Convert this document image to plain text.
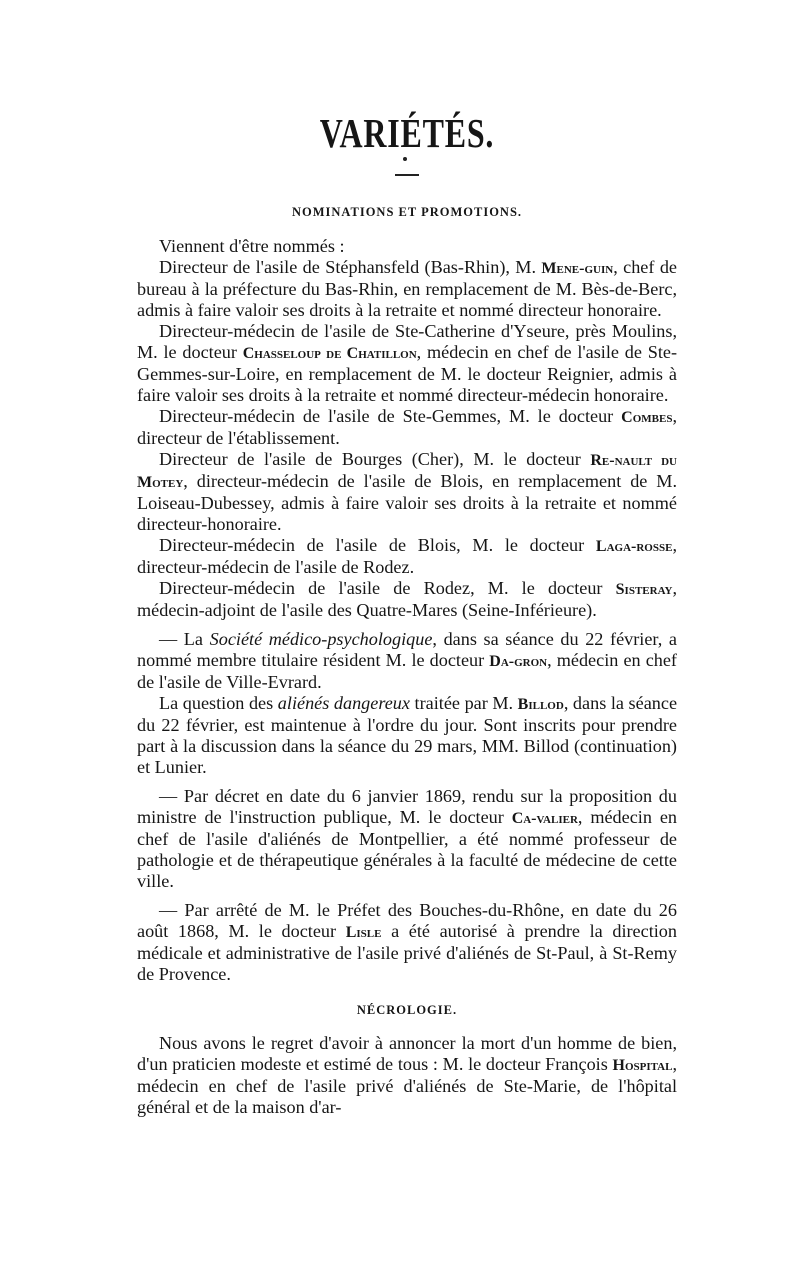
VARIÉTÉS.
NOMINATIONS ET PROMOTIONS.

Viennent d'être nommés :

Directeur de l'asile de Stéphansfeld (Bas-Rhin), M. Mene-guin, chef de bureau à la préfecture du Bas-Rhin, en remplacement de M. Bès-de-Berc, admis à faire valoir ses droits à la retraite et nommé directeur honoraire.

Directeur-médecin de l'asile de Ste-Catherine d'Yseure, près Moulins, M. le docteur Chasseloup de Chatillon, médecin en chef de l'asile de Ste-Gemmes-sur-Loire, en remplacement de M. le docteur Reignier, admis à faire valoir ses droits à la retraite et nommé directeur-médecin honoraire.

Directeur-médecin de l'asile de Ste-Gemmes, M. le docteur Combes, directeur de l'établissement.

Directeur de l'asile de Bourges (Cher), M. le docteur Re-nault du Motey, directeur-médecin de l'asile de Blois, en remplacement de M. Loiseau-Dubessey, admis à faire valoir ses droits à la retraite et nommé directeur-honoraire.

Directeur-médecin de l'asile de Blois, M. le docteur Laga-rosse, directeur-médecin de l'asile de Rodez.

Directeur-médecin de l'asile de Rodez, M. le docteur Sisteray, médecin-adjoint de l'asile des Quatre-Mares (Seine-Inférieure).

— La Société médico-psychologique, dans sa séance du 22 février, a nommé membre titulaire résident M. le docteur Da-gron, médecin en chef de l'asile de Ville-Evrard.

La question des aliénés dangereux traitée par M. Billod, dans la séance du 22 février, est maintenue à l'ordre du jour. Sont inscrits pour prendre part à la discussion dans la séance du 29 mars, MM. Billod (continuation) et Lunier.

— Par décret en date du 6 janvier 1869, rendu sur la proposition du ministre de l'instruction publique, M. le docteur Ca-valier, médecin en chef de l'asile d'aliénés de Montpellier, a été nommé professeur de pathologie et de thérapeutique générales à la faculté de médecine de cette ville.

— Par arrêté de M. le Préfet des Bouches-du-Rhône, en date du 26 août 1868, M. le docteur Lisle a été autorisé à prendre la direction médicale et administrative de l'asile privé d'aliénés de St-Paul, à St-Remy de Provence.

NÉCROLOGIE.

Nous avons le regret d'avoir à annoncer la mort d'un homme de bien, d'un praticien modeste et estimé de tous : M. le docteur François Hospital, médecin en chef de l'asile privé d'aliénés de Ste-Marie, de l'hôpital général et de la maison d'ar-
